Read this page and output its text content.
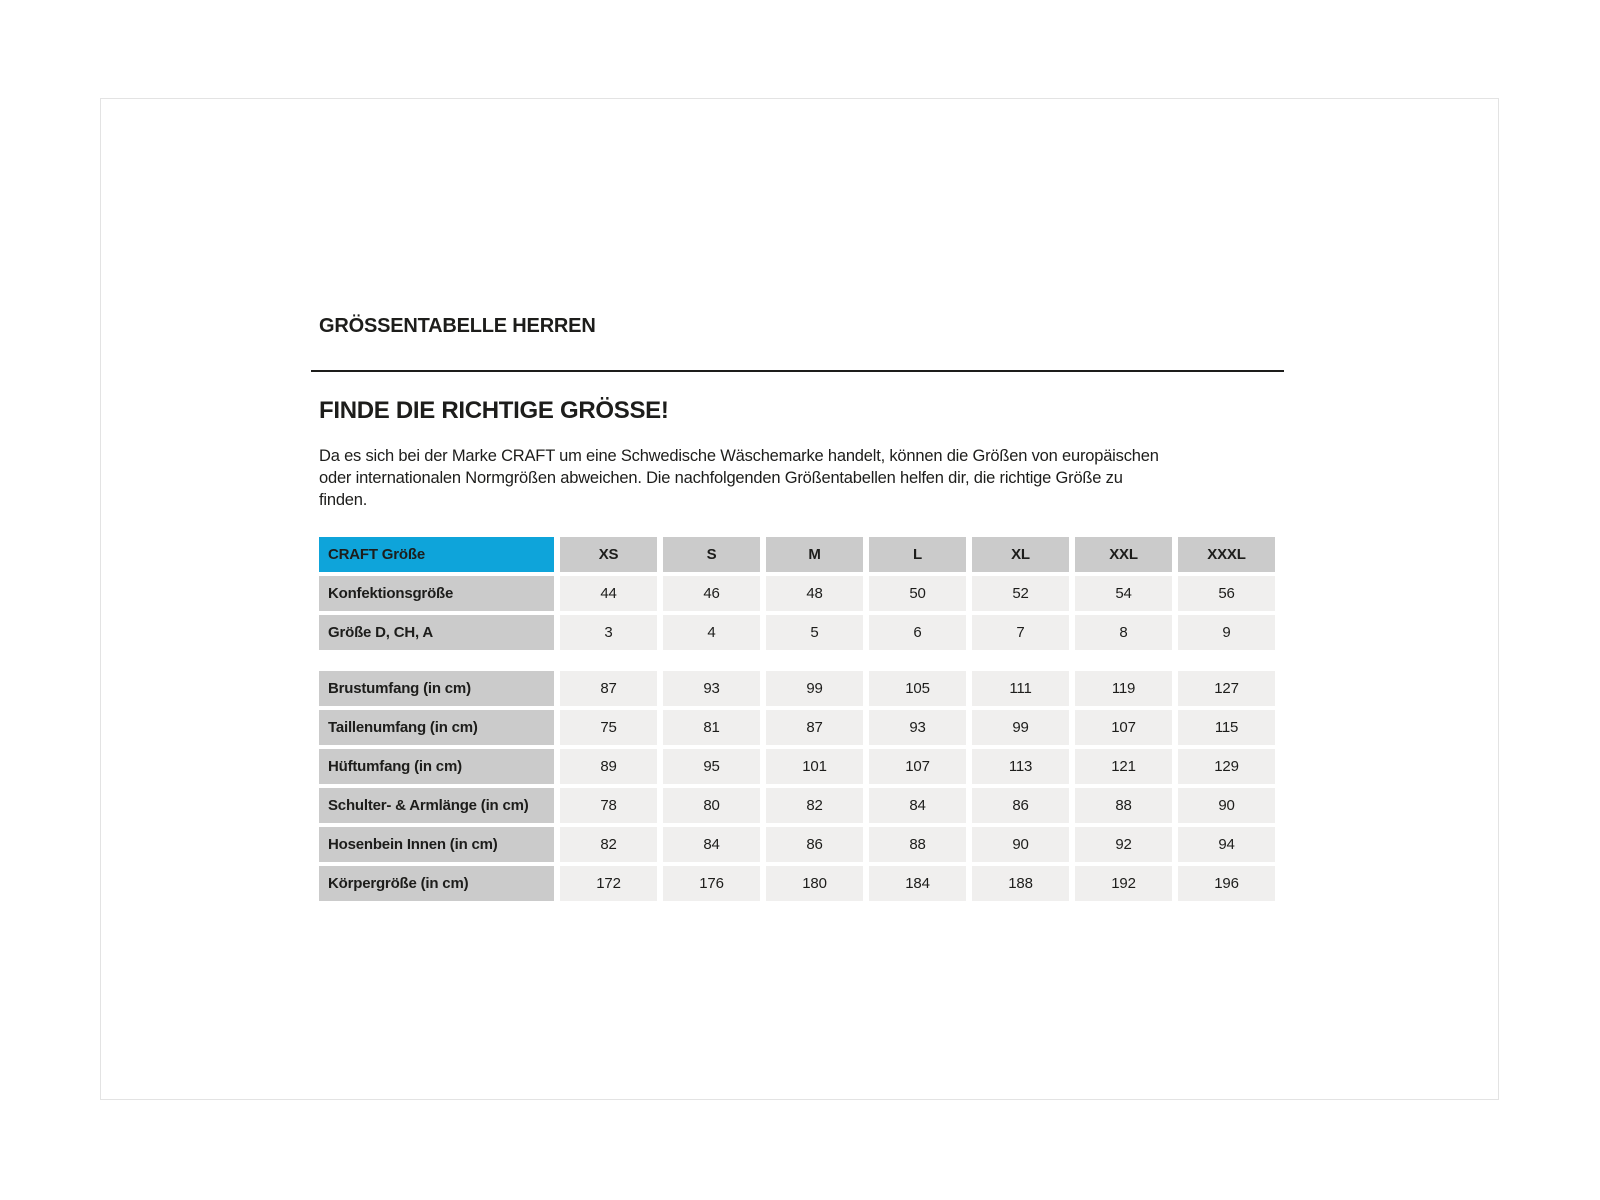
GRÖSSENTABELLE HERREN
FINDE DIE RICHTIGE GRÖSSE!

Da es sich bei der Marke CRAFT um eine Schwedische Wäschemarke handelt, können die Größen von europäischen oder internationalen Normgrößen abweichen. Die nachfolgenden Größentabellen helfen dir, die richtige Größe zu finden.

CRAFT Größe	XS	S	M	L	XL	XXL	XXXL
Konfektionsgröße	44	46	48	50	52	54	56
Größe D, CH, A	3	4	5	6	7	8	9
Brustumfang (in cm)	87	93	99	105	111	119	127
Taillenumfang (in cm)	75	81	87	93	99	107	115
Hüftumfang (in cm)	89	95	101	107	113	121	129
Schulter- & Armlänge (in cm)	78	80	82	84	86	88	90
Hosenbein Innen (in cm)	82	84	86	88	90	92	94
Körpergröße (in cm)	172	176	180	184	188	192	196
